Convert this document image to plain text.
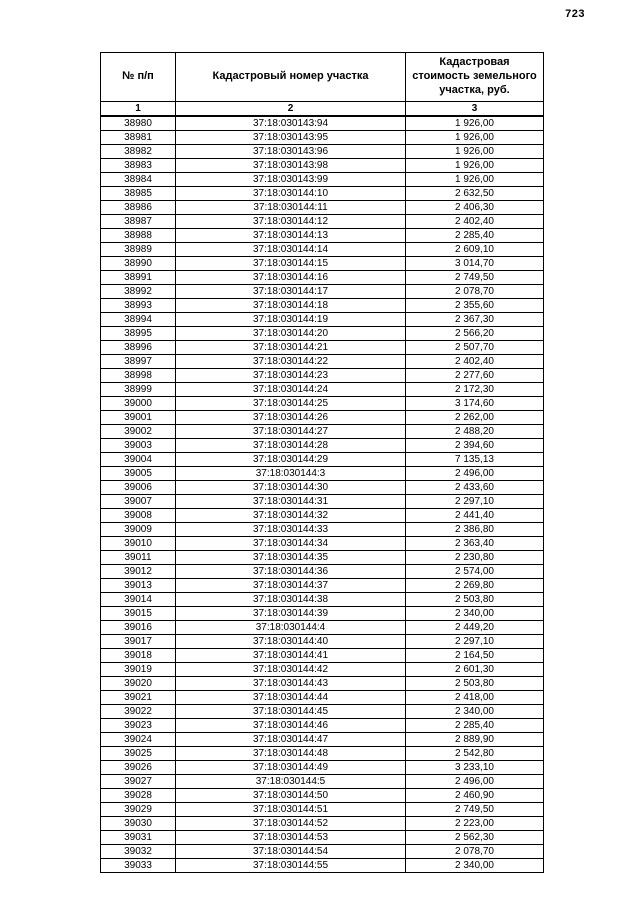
723
№ п/п	Кадастровый номер участка	Кадастровая стоимость земельного участка, руб.
1	2	3
38980	37:18:030143:94	1 926,00
38981	37:18:030143:95	1 926,00
38982	37:18:030143:96	1 926,00
38983	37:18:030143:98	1 926,00
38984	37:18:030143:99	1 926,00
38985	37:18:030144:10	2 632,50
38986	37:18:030144:11	2 406,30
38987	37:18:030144:12	2 402,40
38988	37:18:030144:13	2 285,40
38989	37:18:030144:14	2 609,10
38990	37:18:030144:15	3 014,70
38991	37:18:030144:16	2 749,50
38992	37:18:030144:17	2 078,70
38993	37:18:030144:18	2 355,60
38994	37:18:030144:19	2 367,30
38995	37:18:030144:20	2 566,20
38996	37:18:030144:21	2 507,70
38997	37:18:030144:22	2 402,40
38998	37:18:030144:23	2 277,60
38999	37:18:030144:24	2 172,30
39000	37:18:030144:25	3 174,60
39001	37:18:030144:26	2 262,00
39002	37:18:030144:27	2 488,20
39003	37:18:030144:28	2 394,60
39004	37:18:030144:29	7 135,13
39005	37:18:030144:3	2 496,00
39006	37:18:030144:30	2 433,60
39007	37:18:030144:31	2 297,10
39008	37:18:030144:32	2 441,40
39009	37:18:030144:33	2 386,80
39010	37:18:030144:34	2 363,40
39011	37:18:030144:35	2 230,80
39012	37:18:030144:36	2 574,00
39013	37:18:030144:37	2 269,80
39014	37:18:030144:38	2 503,80
39015	37:18:030144:39	2 340,00
39016	37:18:030144:4	2 449,20
39017	37:18:030144:40	2 297,10
39018	37:18:030144:41	2 164,50
39019	37:18:030144:42	2 601,30
39020	37:18:030144:43	2 503,80
39021	37:18:030144:44	2 418,00
39022	37:18:030144:45	2 340,00
39023	37:18:030144:46	2 285,40
39024	37:18:030144:47	2 889,90
39025	37:18:030144:48	2 542,80
39026	37:18:030144:49	3 233,10
39027	37:18:030144:5	2 496,00
39028	37:18:030144:50	2 460,90
39029	37:18:030144:51	2 749,50
39030	37:18:030144:52	2 223,00
39031	37:18:030144:53	2 562,30
39032	37:18:030144:54	2 078,70
39033	37:18:030144:55	2 340,00
